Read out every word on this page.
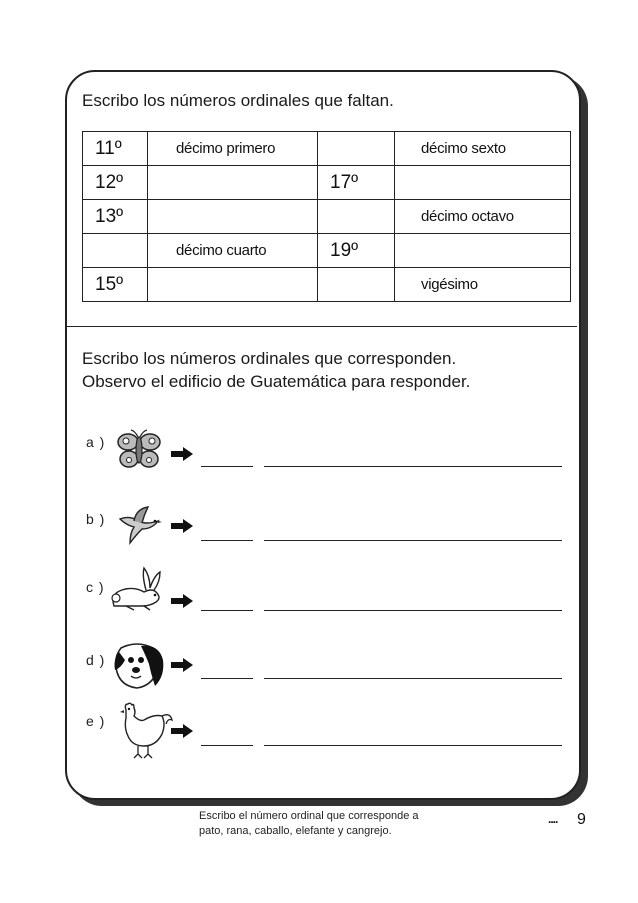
Escribo los números ordinales que faltan.
11º	décimo primero		décimo sexto
12º		17º	
13º			décimo octavo
	décimo cuarto	19º	
15º			vigésimo
Escribo los números ordinales que corresponden.
Observo el edificio de Guatemática para responder.
a )
b )
c )
d )
e )
Escribo el número ordinal que corresponde a
pato, rana, caballo, elefante y cangrejo.
.... 9
